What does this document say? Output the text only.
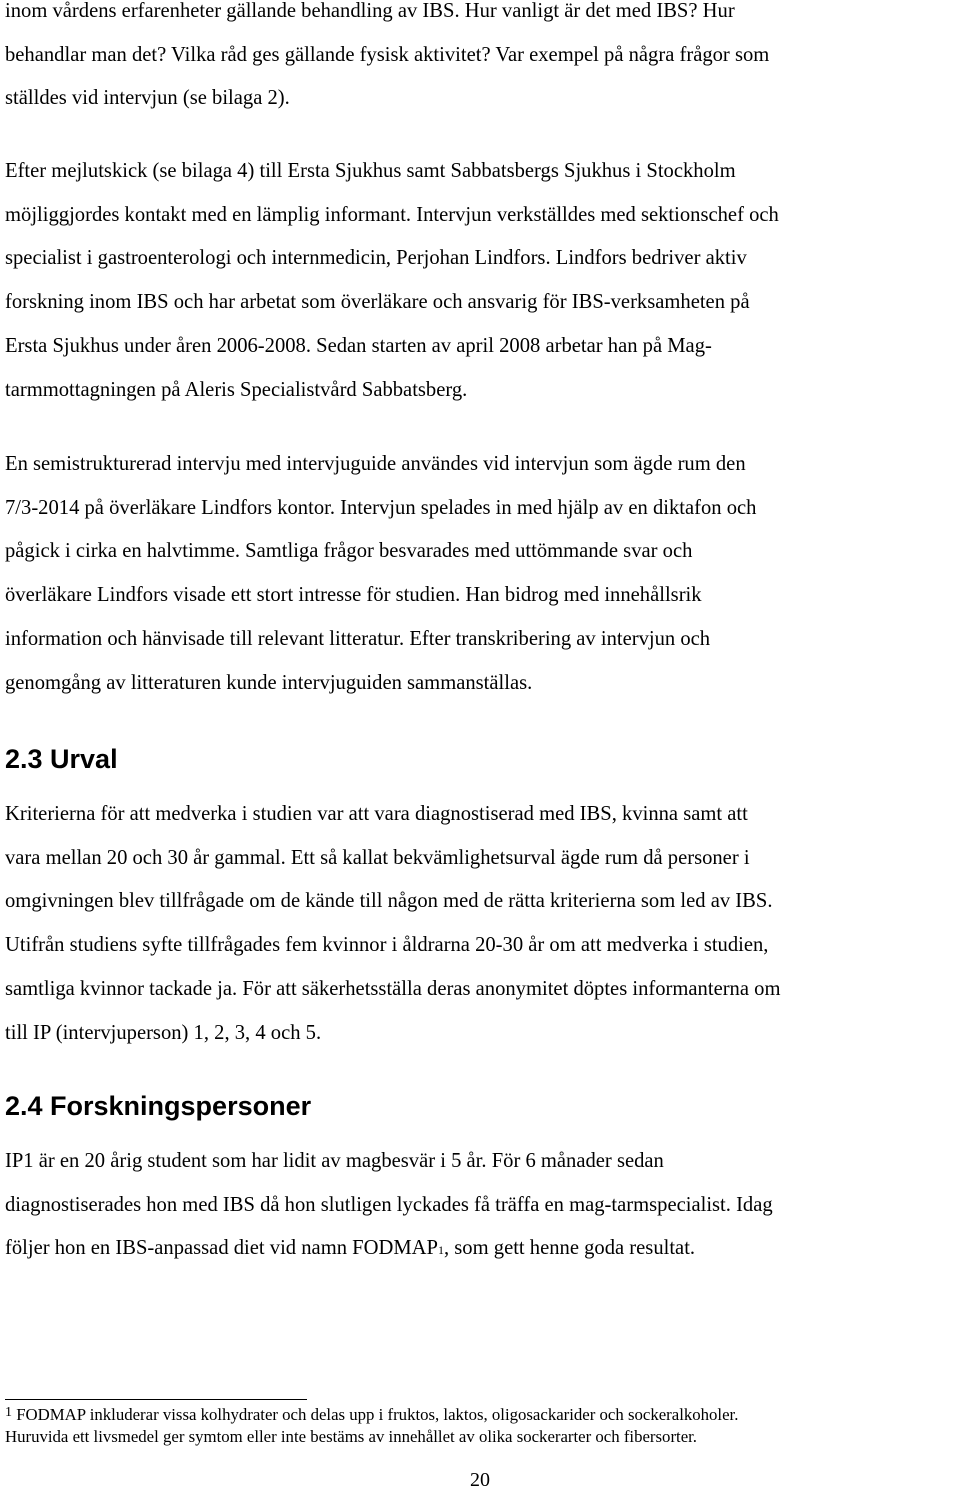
inom vårdens erfarenheter gällande behandling av IBS. Hur vanligt är det med IBS? Hur
behandlar man det? Vilka råd ges gällande fysisk aktivitet? Var exempel på några frågor som
ställdes vid intervjun (se bilaga 2).
Efter mejlutskick (se bilaga 4) till Ersta Sjukhus samt Sabbatsbergs Sjukhus i Stockholm
möjliggjordes kontakt med en lämplig informant. Intervjun verkställdes med sektionschef och
specialist i gastroenterologi och internmedicin, Perjohan Lindfors. Lindfors bedriver aktiv
forskning inom IBS och har arbetat som överläkare och ansvarig för IBS-verksamheten på
Ersta Sjukhus under åren 2006-2008. Sedan starten av april 2008 arbetar han på Mag-
tarmmottagningen på Aleris Specialistvård Sabbatsberg.
En semistrukturerad intervju med intervjuguide användes vid intervjun som ägde rum den
7/3-2014 på överläkare Lindfors kontor. Intervjun spelades in med hjälp av en diktafon och
pågick i cirka en halvtimme. Samtliga frågor besvarades med uttömmande svar och
överläkare Lindfors visade ett stort intresse för studien. Han bidrog med innehållsrik
information och hänvisade till relevant litteratur. Efter transkribering av intervjun och
genomgång av litteraturen kunde intervjuguiden sammanställas.
2.3 Urval
Kriterierna för att medverka i studien var att vara diagnostiserad med IBS, kvinna samt att
vara mellan 20 och 30 år gammal. Ett så kallat bekvämlighetsurval ägde rum då personer i
omgivningen blev tillfrågade om de kände till någon med de rätta kriterierna som led av IBS.
Utifrån studiens syfte tillfrågades fem kvinnor i åldrarna 20-30 år om att medverka i studien,
samtliga kvinnor tackade ja. För att säkerhetsställa deras anonymitet döptes informanterna om
till IP (intervjuperson) 1, 2, 3, 4 och 5.
2.4 Forskningspersoner
IP1 är en 20 årig student som har lidit av magbesvär i 5 år. För 6 månader sedan
diagnostiserades hon med IBS då hon slutligen lyckades få träffa en mag-tarmspecialist. Idag
följer hon en IBS-anpassad diet vid namn FODMAP$^1$, som gett henne goda resultat.
$^1$ FODMAP inkluderar vissa kolhydrater och delas upp i fruktos, laktos, oligosackarider och sockeralkoholer.
Huruvida ett livsmedel ger symtom eller inte bestäms av innehållet av olika sockerarter och fibersorter.
20
